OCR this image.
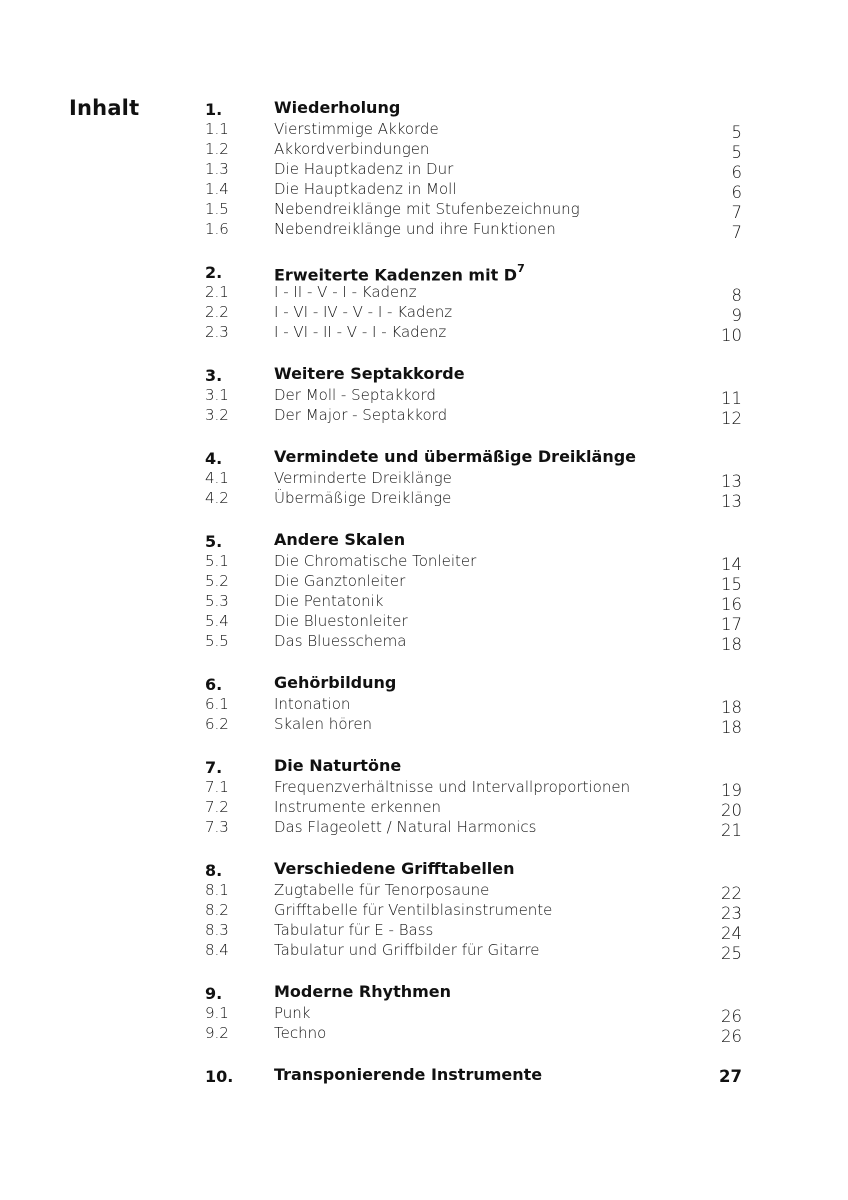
Inhalt	1.	Wiederholung
1.1	Vierstimmige Akkorde	5
1.2	Akkordverbindungen	5
1.3	Die Hauptkadenz in Dur	6
1.4	Die Hauptkadenz in Moll	6
1.5	Nebendreiklänge mit Stufenbezeichnung	7
1.6	Nebendreiklänge und ihre Funktionen	7
2.	Erweiterte Kadenzen mit $D^7$
2.1	I - II - V - I - Kadenz	8
2.2	I - VI - IV - V - I - Kadenz	9
2.3	I - VI - II - V - I - Kadenz	10
3.	Weitere Septakkorde
3.1	Der Moll - Septakkord	11
3.2	Der Major - Septakkord	12
4.	Vermindete und übermäßige Dreiklänge
4.1	Verminderte Dreiklänge	13
4.2	Übermäßige Dreiklänge	13
5.	Andere Skalen
5.1	Die Chromatische Tonleiter	14
5.2	Die Ganztonleiter	15
5.3	Die Pentatonik	16
5.4	Die Bluestonleiter	17
5.5	Das Bluesschema	18
6.	Gehörbildung
6.1	Intonation	18
6.2	Skalen hören	18
7.	Die Naturtöne
7.1	Frequenzverhältnisse und Intervallproportionen	19
7.2	Instrumente erkennen	20
7.3	Das Flageolett / Natural Harmonics	21
8.	Verschiedene Grifftabellen
8.1	Zugtabelle für Tenorposaune	22
8.2	Grifftabelle für Ventilblasinstrumente	23
8.3	Tabulatur für E - Bass	24
8.4	Tabulatur und Griffbilder für Gitarre	25
9.	Moderne Rhythmen
9.1	Punk	26
9.2	Techno	26
10.	Transponierende Instrumente	27
